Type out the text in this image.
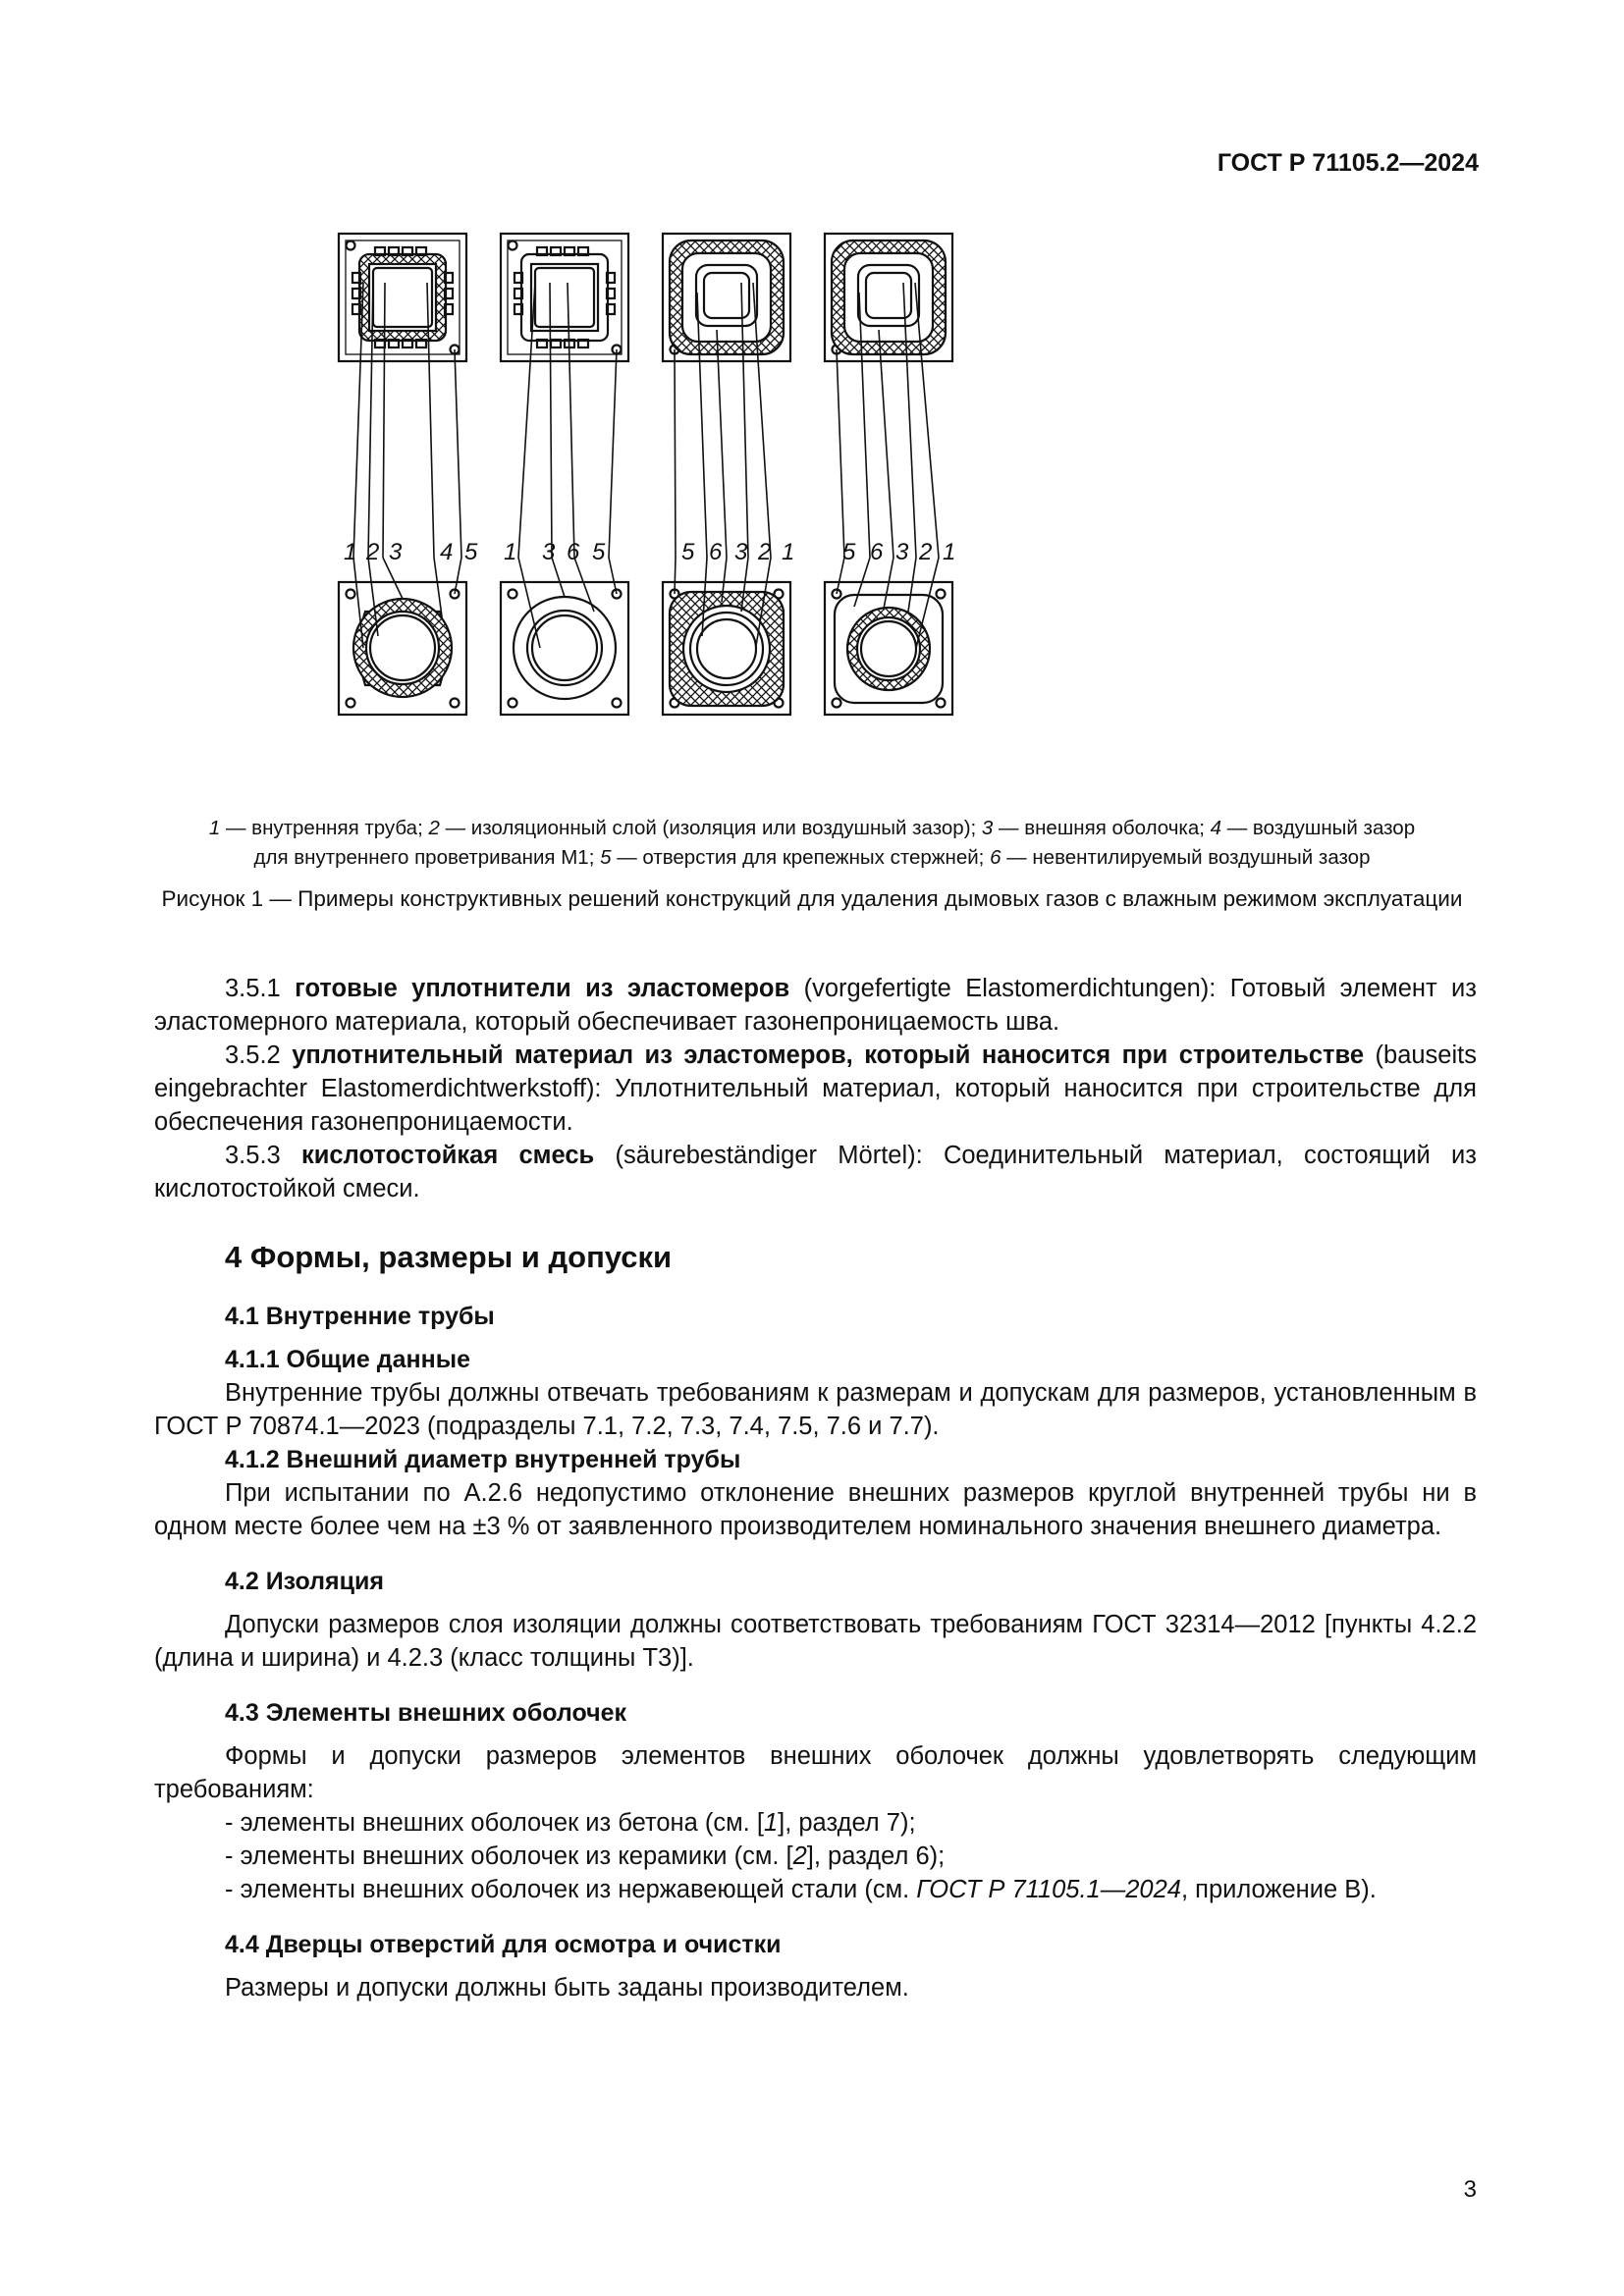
ГОСТ Р 71105.2—2024
1 2 3 4 5 1 3 6 5	5 6 3 2 1 5 6 3 2 1
1 — внутренняя труба; 2 — изоляционный слой (изоляция или воздушный зазор); 3 — внешняя оболочка; 4 — воздушный зазор
для внутреннего проветривания М1; 5 — отверстия для крепежных стержней; 6 — невентилируемый воздушный зазор
Рисунок 1 — Примеры конструктивных решений конструкций для удаления дымовых газов с влажным режимом эксплуатации

3.5.1 готовые уплотнители из эластомеров (vorgefertigte Elastomerdichtungen): Готовый элемент из эластомерного материала, который обеспечивает газонепроницаемость шва.

3.5.2 уплотнительный материал из эластомеров, который наносится при строительстве (bauseits eingebrachter Elastomerdichtwerkstoff): Уплотнительный материал, который наносится при строительстве для обеспечения газонепроницаемости.

3.5.3 кислотостойкая смесь (säurebeständiger Mörtel): Соединительный материал, состоящий из кислотостойкой смеси.

4 Формы, размеры и допуски
4.1 Внутренние трубы
4.1.1 Общие данные

Внутренние трубы должны отвечать требованиям к размерам и допускам для размеров, установленным в ГОСТ Р 70874.1—2023 (подразделы 7.1, 7.2, 7.3, 7.4, 7.5, 7.6 и 7.7).

4.1.2 Внешний диаметр внутренней трубы

При испытании по А.2.6 недопустимо отклонение внешних размеров круглой внутренней трубы ни в одном месте более чем на ±3 % от заявленного производителем номинального значения внешнего диаметра.

4.2 Изоляция

Допуски размеров слоя изоляции должны соответствовать требованиям ГОСТ 32314—2012 [пункты 4.2.2 (длина и ширина) и 4.2.3 (класс толщины Т3)].

4.3 Элементы внешних оболочек

Формы и допуски размеров элементов внешних оболочек должны удовлетворять следующим требованиям:

- элементы внешних оболочек из бетона (см. [1], раздел 7);

- элементы внешних оболочек из керамики (см. [2], раздел 6);

- элементы внешних оболочек из нержавеющей стали (см. ГОСТ Р 71105.1—2024, приложение В).

4.4 Дверцы отверстий для осмотра и очистки

Размеры и допуски должны быть заданы производителем.

3
